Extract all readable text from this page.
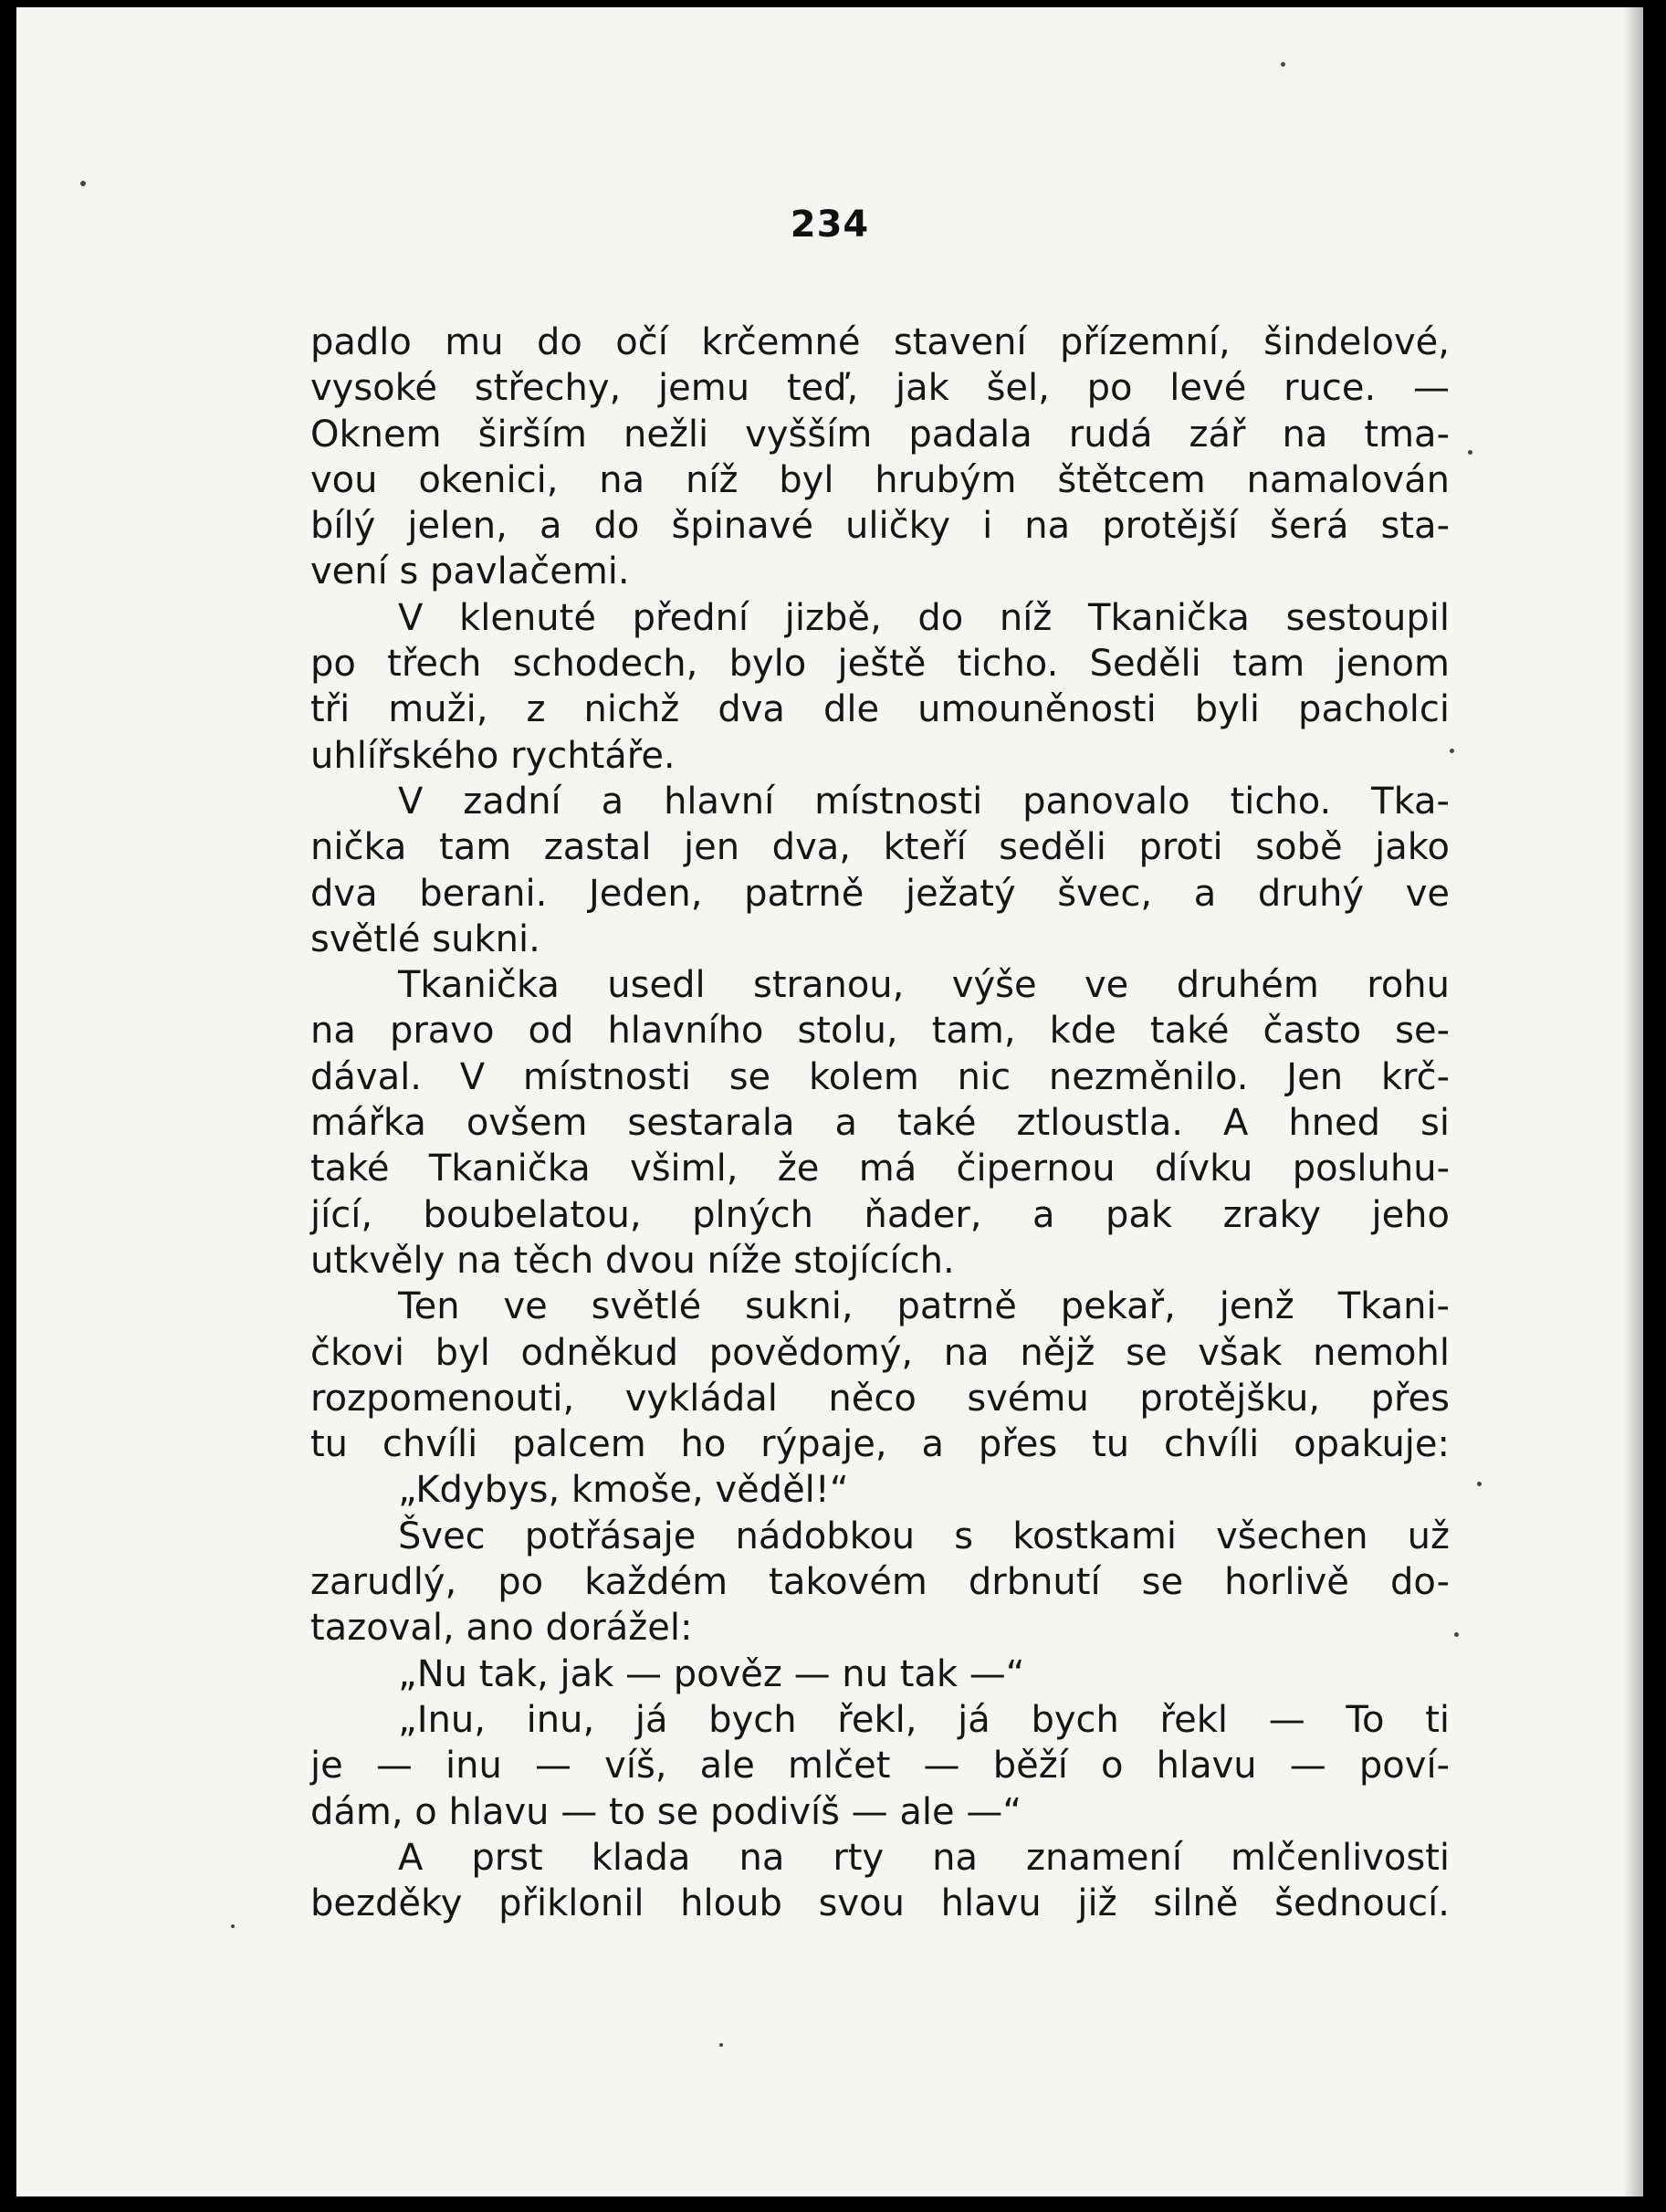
234
padlo mu do očí krčemné stavení přízemní, šindelové,
vysoké střechy, jemu teď, jak šel, po levé ruce. —
Oknem širším nežli vyšším padala rudá zář na tma-
vou okenici, na níž byl hrubým štětcem namalován
bílý jelen, a do špinavé uličky i na protější šerá sta-
vení s pavlačemi.
V klenuté přední jizbě, do níž Tkanička sestoupil
po třech schodech, bylo ještě ticho. Seděli tam jenom
tři muži, z nichž dva dle umouněnosti byli pacholci
uhlířského rychtáře.
V zadní a hlavní místnosti panovalo ticho. Tka-
nička tam zastal jen dva, kteří seděli proti sobě jako
dva berani. Jeden, patrně ježatý švec, a druhý ve
světlé sukni.
Tkanička usedl stranou, výše ve druhém rohu
na pravo od hlavního stolu, tam, kde také často se-
dával. V místnosti se kolem nic nezměnilo. Jen krč-
mářka ovšem sestarala a také ztloustla. A hned si
také Tkanička všiml, že má čipernou dívku posluhu-
jící, boubelatou, plných ňader, a pak zraky jeho
utkvěly na těch dvou níže stojících.
Ten ve světlé sukni, patrně pekař, jenž Tkani-
čkovi byl odněkud povědomý, na nějž se však nemohl
rozpomenouti, vykládal něco svému protějšku, přes
tu chvíli palcem ho rýpaje, a přes tu chvíli opakuje:
„Kdybys, kmoše, věděl!“
Švec potřásaje nádobkou s kostkami všechen už
zarudlý, po každém takovém drbnutí se horlivě do-
tazoval, ano dorážel:
„Nu tak, jak — pověz — nu tak —“
„Inu, inu, já bych řekl, já bych řekl — To ti
je — inu — víš, ale mlčet — běží o hlavu — poví-
dám, o hlavu — to se podivíš — ale —“
A prst klada na rty na znamení mlčenlivosti
bezděky přiklonil hloub svou hlavu již silně šednoucí.
